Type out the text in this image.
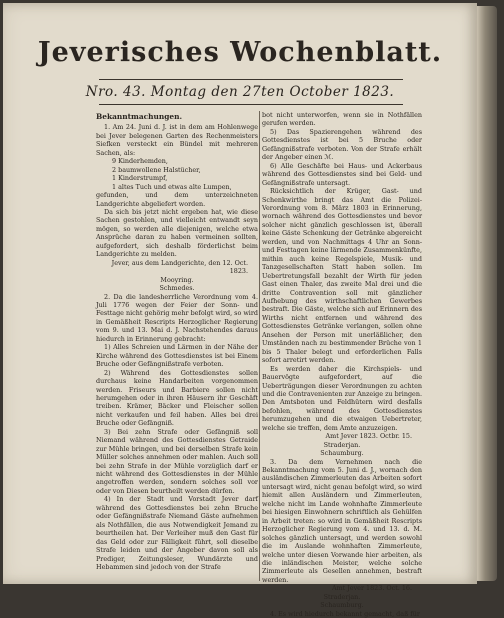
Jeverisches Wochenblatt.
Nro. 43. Montag den 27ten October 1823.

Bekanntmachungen.

1. Am 24. Juni d. J. ist in dem am Hohlenwege bei Jever belegenen Garten des Rechenmeisters Siefken versteckt ein Bündel mit mehreren Sachen, als:

9 Kinderhemden,

2 baumwollene Halstücher,

1 Kinderstrumpf,

1 altes Tuch und etwas alte Lumpen,

gefunden, und dem unterzeichneten Landgerichte abgeliefert worden.

Da sich bis jetzt nicht ergeben hat, wie diese Sachen gestohlen, und vielleicht entwandt seyn mögen, so werden alle diejenigen, welche etwa Ansprüche daran zu haben vermeinen sollten, aufgefordert, sich deshalb förderlichst beim Landgerichte zu melden.

Jever, aus dem Landgerichte, den 12. Oct. 1823.

Mooyring.

Schmedes.

2. Da die landesherrliche Verordnung vom 4. Juli 1776 wegen der Feier der Sonn- und Festtage nicht gehörig mehr befolgt wird, so wird in Gemäßheit Rescripts Herzoglicher Regierung vom 9. und 13. Mai d. J. Nachstehendes daraus hiedurch in Erinnerung gebracht:

1) Alles Schreien und Lärmen in der Nähe der Kirche während des Gottesdienstes ist bei Einem Bruche oder Gefängnißstrafe verboten.

2) Während des Gottesdienstes sollen durchaus keine Handarbeiten vorgenommen werden. Friseurs und Barbiere sollen nicht herumgehen oder in ihren Häusern ihr Geschäft treiben. Krämer, Bäcker und Fleischer sollen nicht verkaufen und feil haben. Alles bei drei Bruche oder Gefängniß.

3) Bei zehn Strafe oder Gefängniß soll Niemand während des Gottesdienstes Getraide zur Mühle bringen, und bei derselben Strafe kein Müller solches annehmen oder mahlen. Auch soll bei zehn Strafe in der Mühle vorzüglich darf er nicht während des Gottesdienstes in der Mühle angetroffen werden, sondern solches soll vor oder von Diesen beurtheilt werden dürfen.

4) In der Stadt und Vorstadt Jever darf während des Gottesdienstes bei zehn Bruche oder Gefängnißstrafe Niemand Gäste aufnehmen als Nothfällen, die aus Notwendigkeit Jemand zu beurtheilen hat. Der Verleiher muß den Gast für das Geld oder zur Fälligkeit führt, soll dieselbe Strafe leiden und der Angeber davon soll als Prediger, Zeitungsleser, Wundärzte und Hebammen sind jedoch von der Strafe

bot nicht unterworfen, wenn sie in Nothfällen gerufen werden.

5) Das Spazierengehen während des Gottesdienstes ist bei 5 Bruche oder Gefängnißstrafe verboten. Von der Strafe erhält der Angeber einen ℳ.

6) Alle Geschäfte bei Haus- und Ackerbaus während des Gottesdienstes sind bei Geld- und Gefängnißstrafe untersagt.

Rücksichtlich der Krüger, Gast- und Schenkwirthe bringt das Amt die Polizei-Verordnung vom 8. März 1803 in Erinnerung, wornach während des Gottesdienstes und bevor solcher nicht gänzlich geschlossen ist, überall keine Gäste Schenkung der Getränke abgereicht werden, und von Nachmittags 4 Uhr an Sonn- und Festtagen keine lärmende Zusammenkünfte, mithin auch keine Regelspiele, Musik- und Tanzgesellschaften Statt haben sollen. Im Uebertretungsfall bezahlt der Wirth für jeden Gast einen Thaler, das zweite Mal drei und die dritte Contravention soll mit gänzlicher Aufhebung des wirthschaftlichen Gewerbes bestraft. Die Gäste, welche sich auf Erinnern des Wirths nicht entfernen und während des Gottesdienstes Getränke verlangen, sollen ohne Ansehen der Person mit unerläßlicher, den Umständen nach zu bestimmender Brüche von 1 bis 5 Thaler belegt und erforderlichen Falls sofort arretirt werden.

Es werden daher die Kirchspiels- und Bauervögte aufgefordert, auf die Ueberträgungen dieser Verordnungen zu achten und die Contravenienten zur Anzeige zu bringen. Den Amtsboten und Feldhütern wird desfalls befohlen, während des Gottesdienstes herumzugehen und die etwaigen Uebertreter, welche sie treffen, dem Amte anzuzeigen.

Amt Jever 1823. Octbr. 15.

Straderjan.

Schaumburg.

3. Da dem Vernehmen nach die Bekanntmachung vom 5. Juni d. J., wornach den ausländischen Zimmerleuten das Arbeiten sofort untersagt wird, nicht genau befolgt wird, so wird hiemit allen Ausländern und Zimmerleuten, welche nicht im Lande wohnhafte Zimmerleute bei hiesigen Einwohnern schriftlich als Gehülfen in Arbeit treten: so wird in Gemäßheit Rescripts Herzoglicher Regierung vom 4. und 13. d. M. solches gänzlich untersagt, und werden sowohl die im Auslande wohnhaften Zimmerleute, welche unter diesen Vorwande hier arbeiten, als die inländischen Meister, welche solche Zimmerleute als Gesellen annehmen, bestraft werden.

Amt Jever 1823. Oct. 16.

Straderjan.

Schaumburg.

4. Es wird hiedurch bekannt gemacht, daß für
